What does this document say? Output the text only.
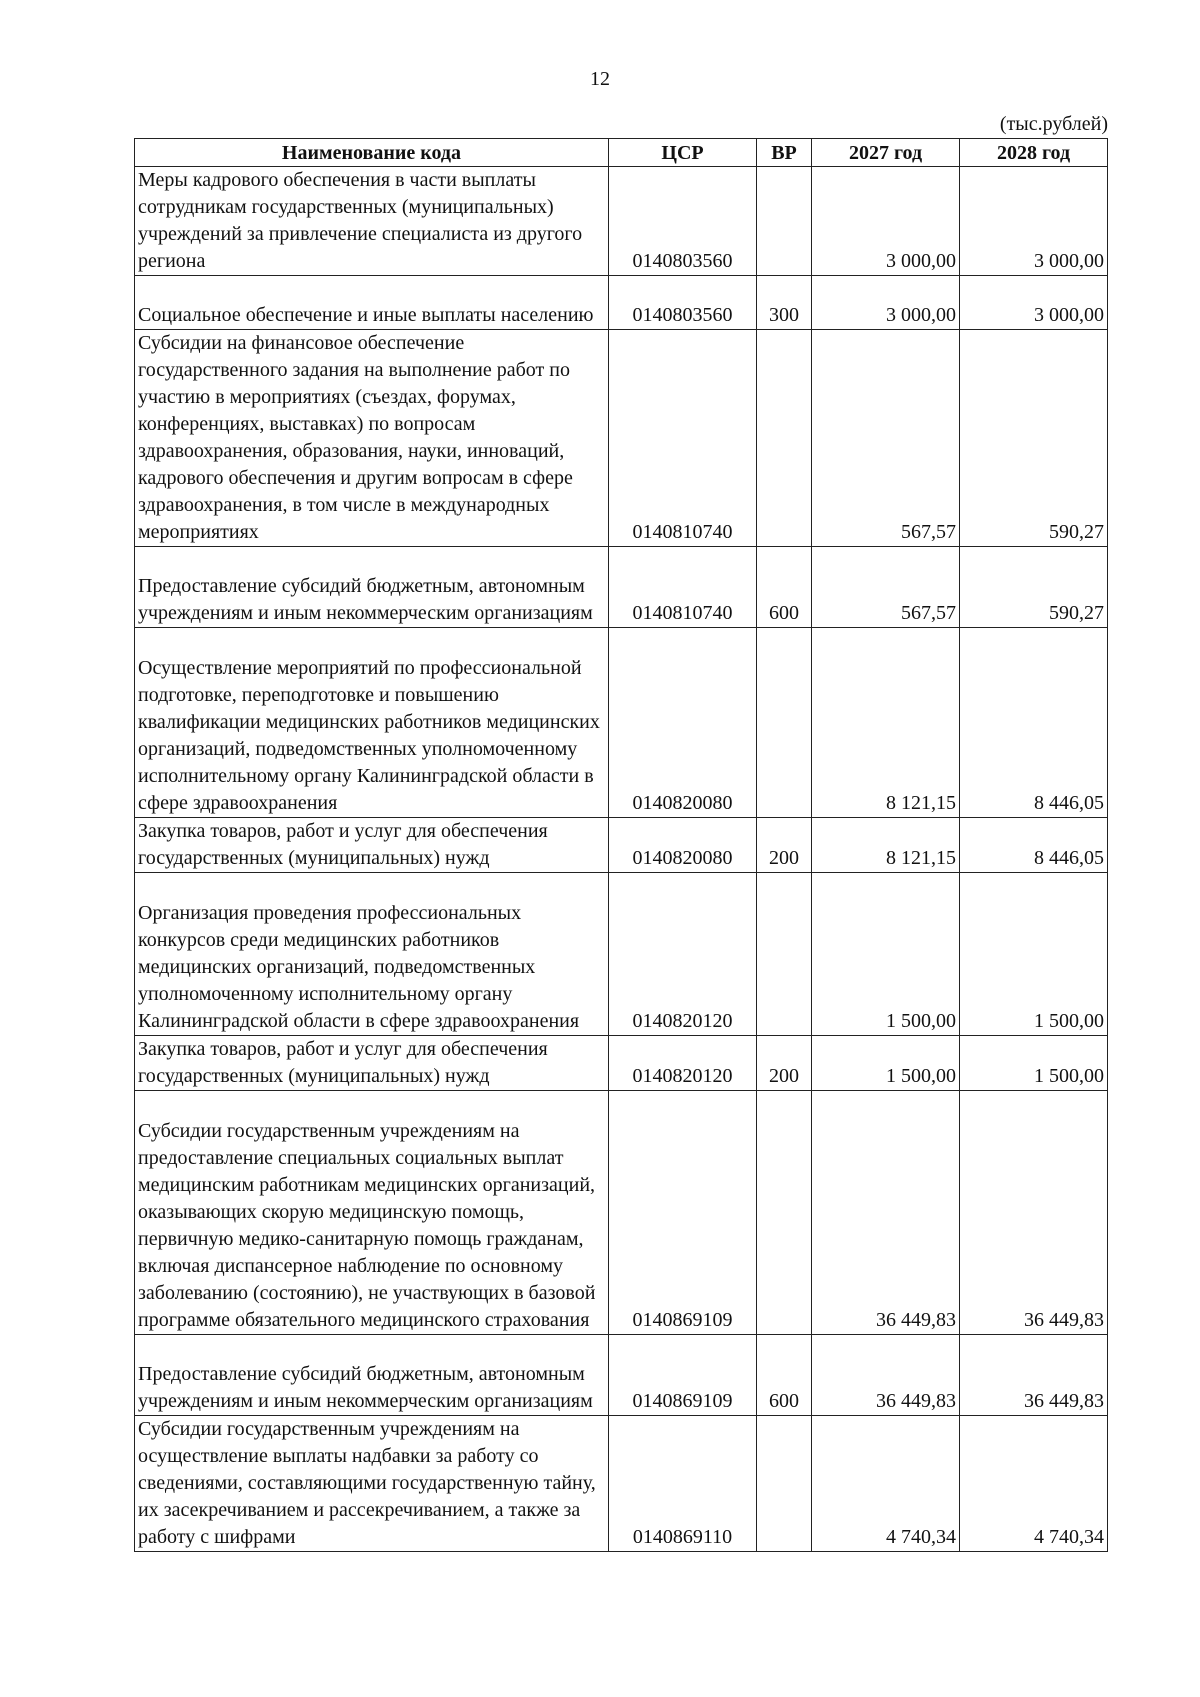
12
(тыс.рублей)
Наименование кода	ЦСР	ВР	2027 год	2028 год
Меры кадрового обеспечения в части выплаты сотрудникам государственных (муниципальных) учреждений за привлечение специалиста из другого региона	0140803560		3 000,00	3 000,00
Социальное обеспечение и иные выплаты населению	0140803560	300	3 000,00	3 000,00
Субсидии на финансовое обеспечение государственного задания на выполнение работ по участию в мероприятиях (съездах, форумах, конференциях, выставках) по вопросам здравоохранения, образования, науки, инноваций, кадрового обеспечения и другим вопросам в сфере здравоохранения, в том числе в международных мероприятиях	0140810740		567,57	590,27
Предоставление субсидий бюджетным, автономным учреждениям и иным некоммерческим организациям	0140810740	600	567,57	590,27
Осуществление мероприятий по профессиональной подготовке, переподготовке и повышению квалификации медицинских работников медицинских организаций, подведомственных уполномоченному исполнительному органу Калининградской области в сфере здравоохранения	0140820080		8 121,15	8 446,05
Закупка товаров, работ и услуг для обеспечения государственных (муниципальных) нужд	0140820080	200	8 121,15	8 446,05
Организация проведения профессиональных конкурсов среди медицинских работников медицинских организаций, подведомственных уполномоченному исполнительному органу Калининградской области в сфере здравоохранения	0140820120		1 500,00	1 500,00
Закупка товаров, работ и услуг для обеспечения государственных (муниципальных) нужд	0140820120	200	1 500,00	1 500,00
Субсидии государственным учреждениям на предоставление специальных социальных выплат медицинским работникам медицинских организаций, оказывающих скорую медицинскую помощь, первичную медико-санитарную помощь гражданам, включая диспансерное наблюдение по основному заболеванию (состоянию), не участвующих в базовой программе обязательного медицинского страхования	0140869109		36 449,83	36 449,83
Предоставление субсидий бюджетным, автономным учреждениям и иным некоммерческим организациям	0140869109	600	36 449,83	36 449,83
Субсидии государственным учреждениям на осуществление выплаты надбавки за работу со сведениями, составляющими государственную тайну, их засекречиванием и рассекречиванием, а также за работу с шифрами	0140869110		4 740,34	4 740,34
